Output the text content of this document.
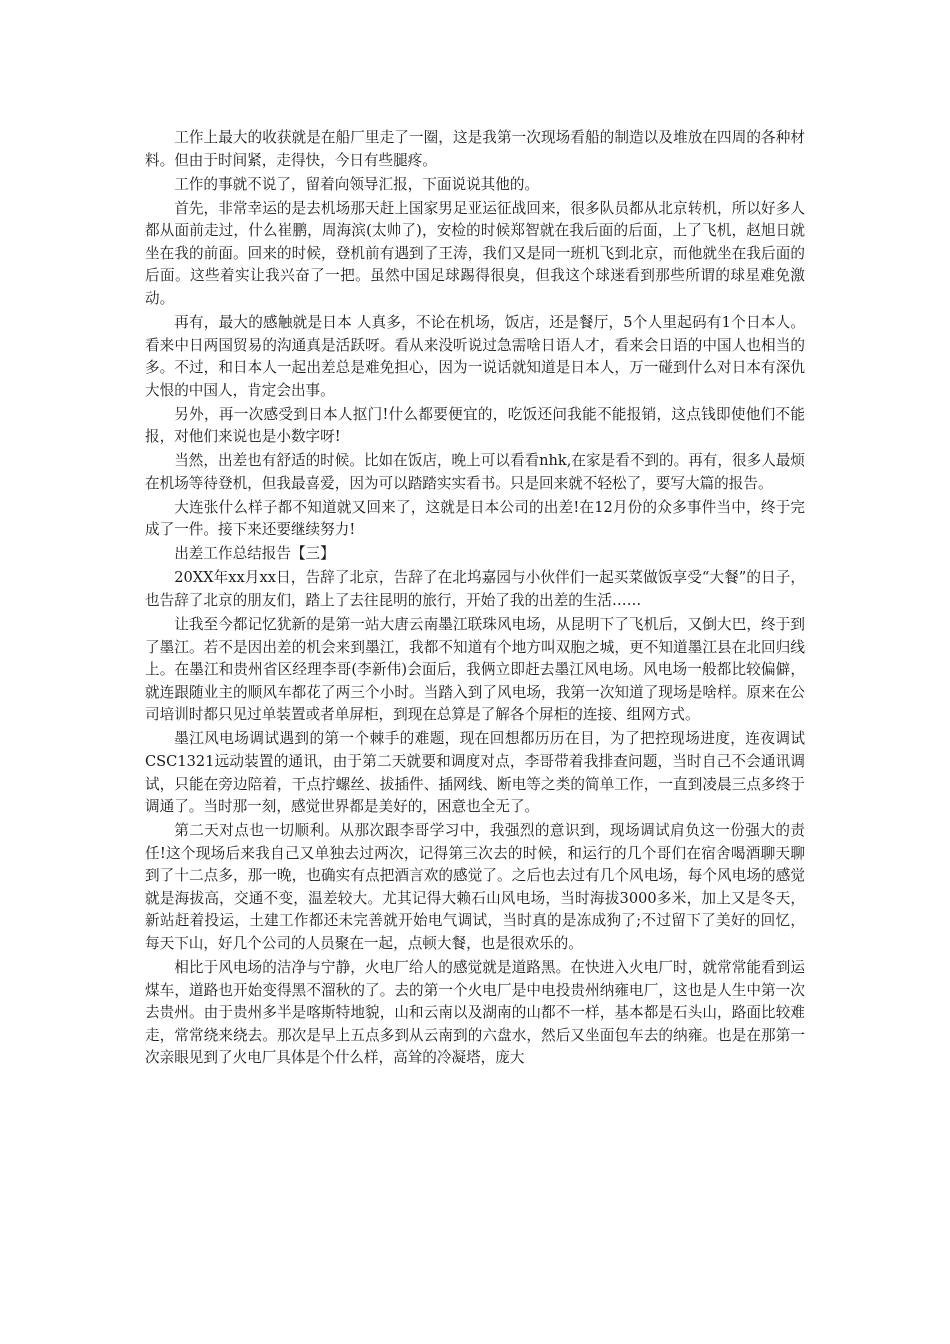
工作上最大的收获就是在船厂里走了一圈，这是我第一次现场看船的制造以及堆放在四周的各种材料。但由于时间紧，走得快，今日有些腿疼。

工作的事就不说了，留着向领导汇报，下面说说其他的。

首先，非常幸运的是去机场那天赶上国家男足亚运征战回来，很多队员都从北京转机，所以好多人都从面前走过，什么崔鹏，周海滨(太帅了)，安检的时候郑智就在我后面的后面，上了飞机，赵旭日就坐在我的前面。回来的时候，登机前有遇到了王涛，我们又是同一班机飞到北京，而他就坐在我后面的后面。这些着实让我兴奋了一把。虽然中国足球踢得很臭，但我这个球迷看到那些所谓的球星难免激动。

再有，最大的感触就是日本 人真多，不论在机场，饭店，还是餐厅，5个人里起码有1个日本人。看来中日两国贸易的沟通真是活跃呀。看从来没听说过急需啥日语人才，看来会日语的中国人也相当的多。不过，和日本人一起出差总是难免担心，因为一说话就知道是日本人，万一碰到什么对日本有深仇大恨的中国人，肯定会出事。

另外，再一次感受到日本人抠门!什么都要便宜的，吃饭还问我能不能报销，这点钱即使他们不能报，对他们来说也是小数字呀!

当然，出差也有舒适的时候。比如在饭店，晚上可以看看nhk,在家是看不到的。再有，很多人最烦在机场等待登机，但我最喜爱，因为可以踏踏实实看书。只是回来就不轻松了，要写大篇的报告。

大连张什么样子都不知道就又回来了，这就是日本公司的出差!在12月份的众多事件当中，终于完成了一件。接下来还要继续努力!

出差工作总结报告【三】

20XX年xx月xx日，告辞了北京，告辞了在北坞嘉园与小伙伴们一起买菜做饭享受“大餐”的日子，也告辞了北京的朋友们，踏上了去往昆明的旅行，开始了我的出差的生活……

让我至今都记忆犹新的是第一站大唐云南墨江联珠风电场，从昆明下了飞机后，又倒大巴，终于到了墨江。若不是因出差的机会来到墨江，我都不知道有个地方叫双胞之城，更不知道墨江县在北回归线上。在墨江和贵州省区经理李哥(李新伟)会面后，我俩立即赶去墨江风电场。风电场一般都比较偏僻，就连跟随业主的顺风车都花了两三个小时。当踏入到了风电场，我第一次知道了现场是啥样。原来在公司培训时都只见过单装置或者单屏柜，到现在总算是了解各个屏柜的连接、组网方式。

墨江风电场调试遇到的第一个棘手的难题，现在回想都历历在目，为了把控现场进度，连夜调试CSC1321远动装置的通讯，由于第二天就要和调度对点，李哥带着我排查问题，当时自己不会通讯调试，只能在旁边陪着，干点拧螺丝、拔插件、插网线、断电等之类的简单工作，一直到凌晨三点多终于调通了。当时那一刻，感觉世界都是美好的，困意也全无了。

第二天对点也一切顺利。从那次跟李哥学习中，我强烈的意识到，现场调试肩负这一份强大的责任!这个现场后来我自己又单独去过两次，记得第三次去的时候，和运行的几个哥们在宿舍喝酒聊天聊到了十二点多，那一晚，也确实有点把酒言欢的感觉了。之后也去过有几个风电场，每个风电场的感觉就是海拔高，交通不变，温差较大。尤其记得大赖石山风电场，当时海拔3000多米，加上又是冬天，新站赶着投运，土建工作都还未完善就开始电气调试，当时真的是冻成狗了;不过留下了美好的回忆，每天下山，好几个公司的人员聚在一起，点顿大餐，也是很欢乐的。

相比于风电场的洁净与宁静，火电厂给人的感觉就是道路黑。在快进入火电厂时，就常常能看到运煤车，道路也开始变得黑不溜秋的了。去的第一个火电厂是中电投贵州纳雍电厂，这也是人生中第一次去贵州。由于贵州多半是喀斯特地貌，山和云南以及湖南的山都不一样，基本都是石头山，路面比较难走，常常绕来绕去。那次是早上五点多到从云南到的六盘水，然后又坐面包车去的纳雍。也是在那第一次亲眼见到了火电厂具体是个什么样，高耸的冷凝塔，庞大
